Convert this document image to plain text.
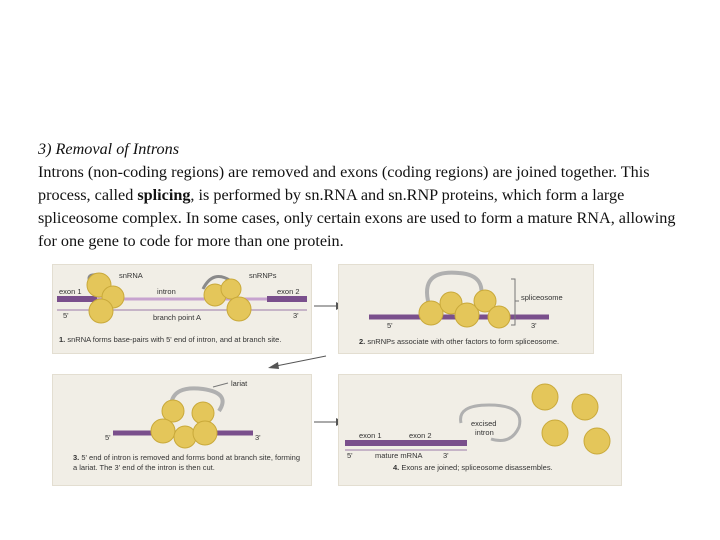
3) Removal of Introns
Introns (non-coding regions) are removed and exons (coding regions) are joined together. This process, called splicing, is performed by sn.RNA and sn.RNP proteins, which form a large spliceosome complex. In some cases, only certain exons are used to form a mature RNA, allowing for one gene to code for more than one protein.
snRNA	snRNPs
exon 1	intron	exon 2
5'	branch point A	3'
1. snRNA forms base-pairs with 5' end of intron, and at branch site.
spliceosome
5'	3'
2. snRNPs associate with other factors to form spliceosome.
lariat
5'	3'
3. 5' end of intron is removed and forms bond at branch site, forming a lariat. The 3' end of the intron is then cut.
excised
intron
exon 1	exon 2
5'	mature mRNA	3'
4. Exons are joined; spliceosome disassembles.
